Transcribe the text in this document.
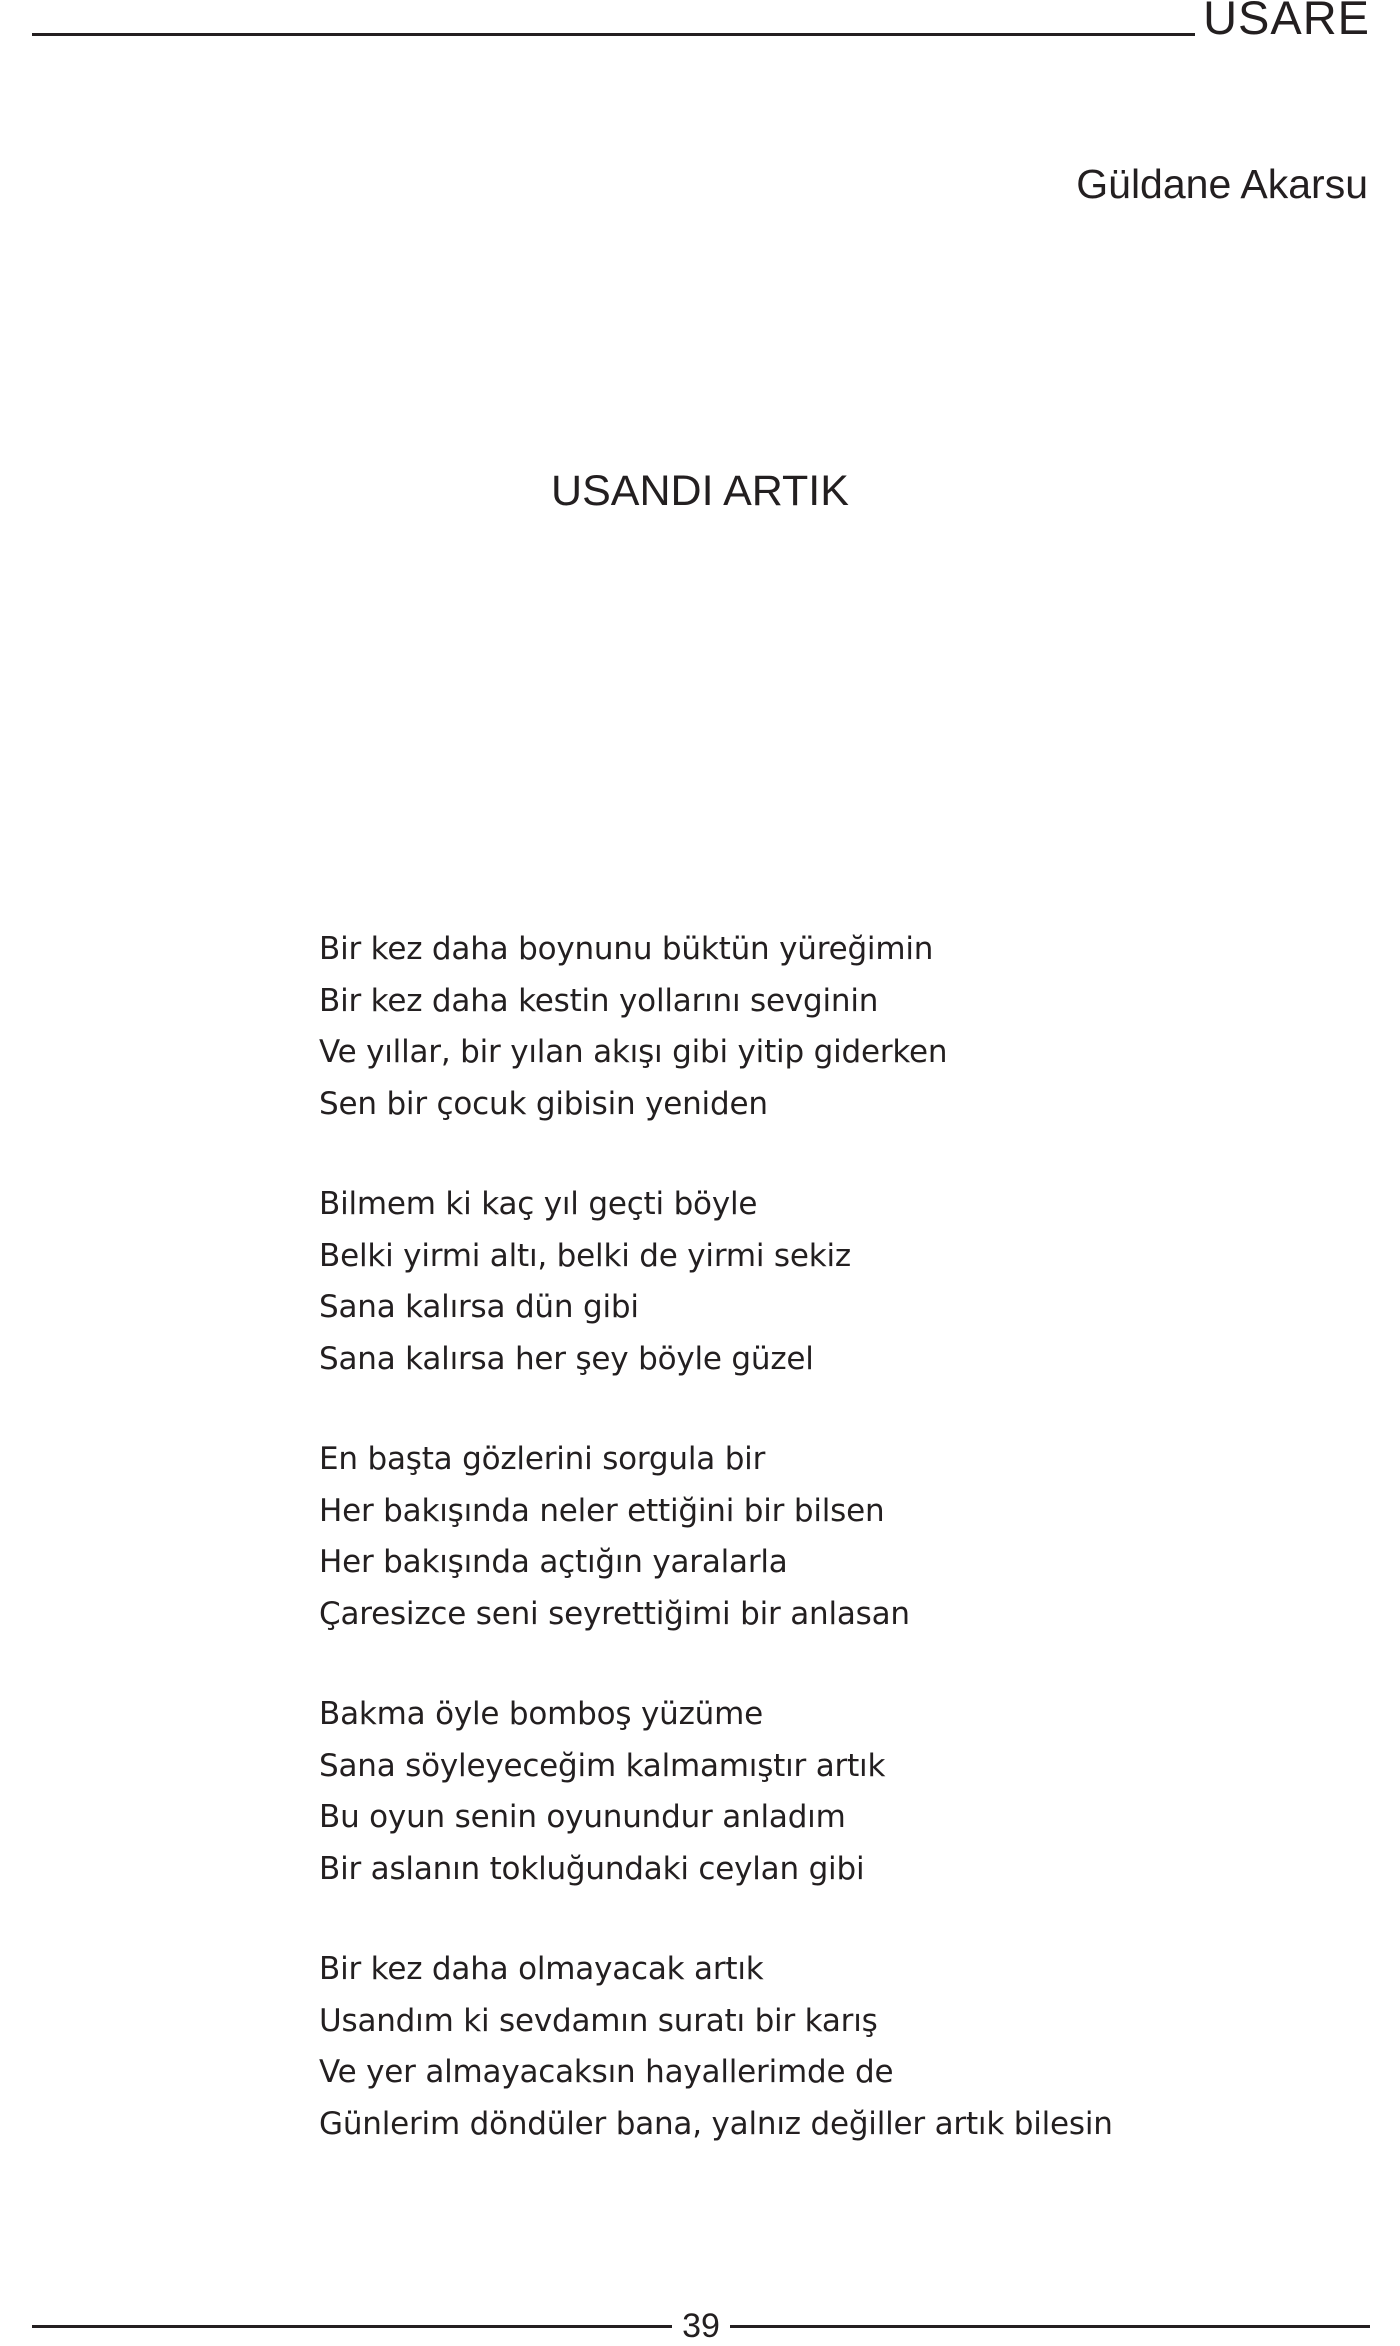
USARE
Güldane Akarsu
USANDI ARTIK
Bir kez daha boynunu büktün yüreğimin
Bir kez daha kestin yollarını sevginin
Ve yıllar, bir yılan akışı gibi yitip giderken
Sen bir çocuk gibisin yeniden
Bilmem ki kaç yıl geçti böyle
Belki yirmi altı, belki de yirmi sekiz
Sana kalırsa dün gibi
Sana kalırsa her şey böyle güzel
En başta gözlerini sorgula bir
Her bakışında neler ettiğini bir bilsen
Her bakışında açtığın yaralarla
Çaresizce seni seyrettiğimi bir anlasan
Bakma öyle bomboş yüzüme
Sana söyleyeceğim kalmamıştır artık
Bu oyun senin oyunundur anladım
Bir aslanın tokluğundaki ceylan gibi
Bir kez daha olmayacak artık
Usandım ki sevdamın suratı bir karış
Ve yer almayacaksın hayallerimde de
Günlerim döndüler bana, yalnız değiller artık bilesin
39
